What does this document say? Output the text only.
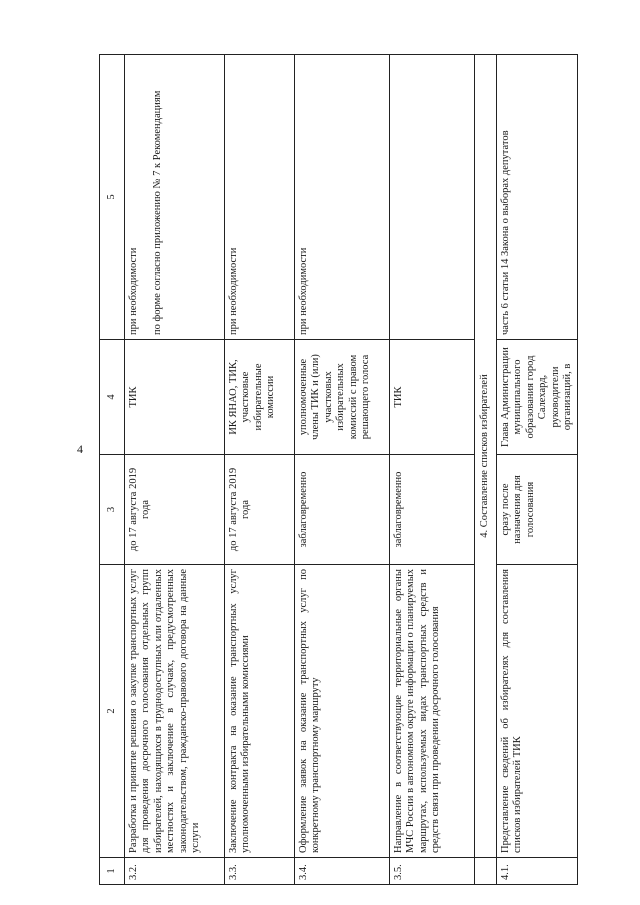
4
1	2	3	4	5
3.2.	Разработка и принятие решения о закупке транспортных услуг для проведения досрочного голосования отдельных групп избирателей, находящихся в труднодоступных или отдаленных местностях и заключение в случаях, предусмотренных законодательством, гражданско-правового договора на данные услуги	до 17 августа 2019 года	ТИК	при необходимости по форме согласно приложению № 7 к Рекомендациям
3.3.	Заключение контракта на оказание транспортных услуг уполномоченными избирательными комиссиями	до 17 августа 2019 года	ИК ЯНАО, ТИК, участковые избирательные комиссии	при необходимости
3.4.	Оформление заявок на оказание транспортных услуг по конкретному транспортному маршруту	заблаговременно	уполномоченные члены ТИК и (или) участковых избирательных комиссий с правом решающего голоса	при необходимости
3.5.	Направление в соответствующие территориальные органы МЧС России в автономном округе информации о планируемых маршрутах, используемых видах транспортных средств и средств связи при проведении досрочного голосования	заблаговременно	ТИК	
	4. Составление списков избирателей			
4.1.	Представление сведений об избирателях для составления списков избирателей ТИК	сразу после назначения дня голосования	Глава Администрации муниципального образования город Салехард, руководители организаций, в	часть 6 статьи 14 Закона о выборах депутатов
